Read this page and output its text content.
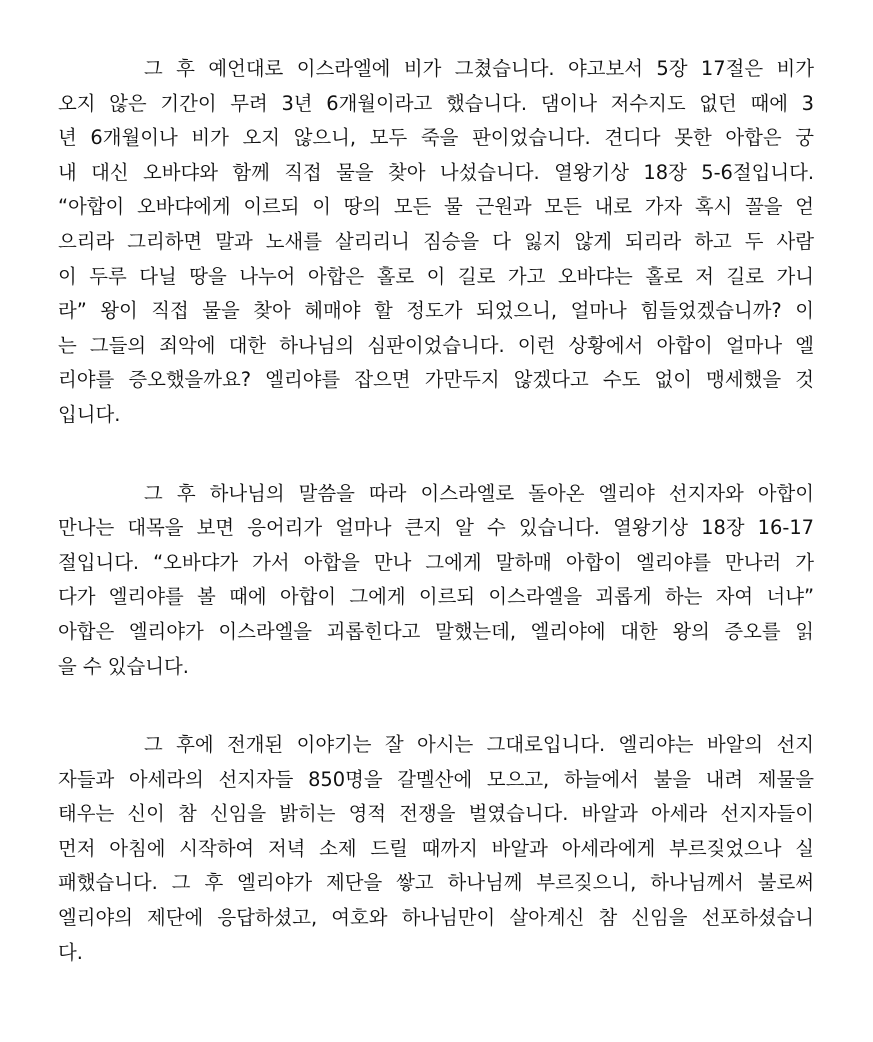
그 후 예언대로 이스라엘에 비가 그쳤습니다. 야고보서 5장 17절은 비가
오지 않은 기간이 무려 3년 6개월이라고 했습니다. 댐이나 저수지도 없던 때에 3
년 6개월이나 비가 오지 않으니, 모두 죽을 판이었습니다. 견디다 못한 아합은 궁
내 대신 오바댜와 함께 직접 물을 찾아 나섰습니다. 열왕기상 18장 5-6절입니다.
“아합이 오바댜에게 이르되 이 땅의 모든 물 근원과 모든 내로 가자 혹시 꼴을 얻
으리라 그리하면 말과 노새를 살리리니 짐승을 다 잃지 않게 되리라 하고 두 사람
이 두루 다닐 땅을 나누어 아합은 홀로 이 길로 가고 오바댜는 홀로 저 길로 가니
라” 왕이 직접 물을 찾아 헤매야 할 정도가 되었으니, 얼마나 힘들었겠습니까? 이
는 그들의 죄악에 대한 하나님의 심판이었습니다. 이런 상황에서 아합이 얼마나 엘
리야를 증오했을까요? 엘리야를 잡으면 가만두지 않겠다고 수도 없이 맹세했을 것
입니다.

그 후 하나님의 말씀을 따라 이스라엘로 돌아온 엘리야 선지자와 아합이
만나는 대목을 보면 응어리가 얼마나 큰지 알 수 있습니다. 열왕기상 18장 16-17
절입니다. “오바댜가 가서 아합을 만나 그에게 말하매 아합이 엘리야를 만나러 가
다가 엘리야를 볼 때에 아합이 그에게 이르되 이스라엘을 괴롭게 하는 자여 너냐”
아합은 엘리야가 이스라엘을 괴롭힌다고 말했는데, 엘리야에 대한 왕의 증오를 읽
을 수 있습니다.

그 후에 전개된 이야기는 잘 아시는 그대로입니다. 엘리야는 바알의 선지
자들과 아세라의 선지자들 850명을 갈멜산에 모으고, 하늘에서 불을 내려 제물을
태우는 신이 참 신임을 밝히는 영적 전쟁을 벌였습니다. 바알과 아세라 선지자들이
먼저 아침에 시작하여 저녁 소제 드릴 때까지 바알과 아세라에게 부르짖었으나 실
패했습니다. 그 후 엘리야가 제단을 쌓고 하나님께 부르짖으니, 하나님께서 불로써
엘리야의 제단에 응답하셨고, 여호와 하나님만이 살아계신 참 신임을 선포하셨습니
다.
